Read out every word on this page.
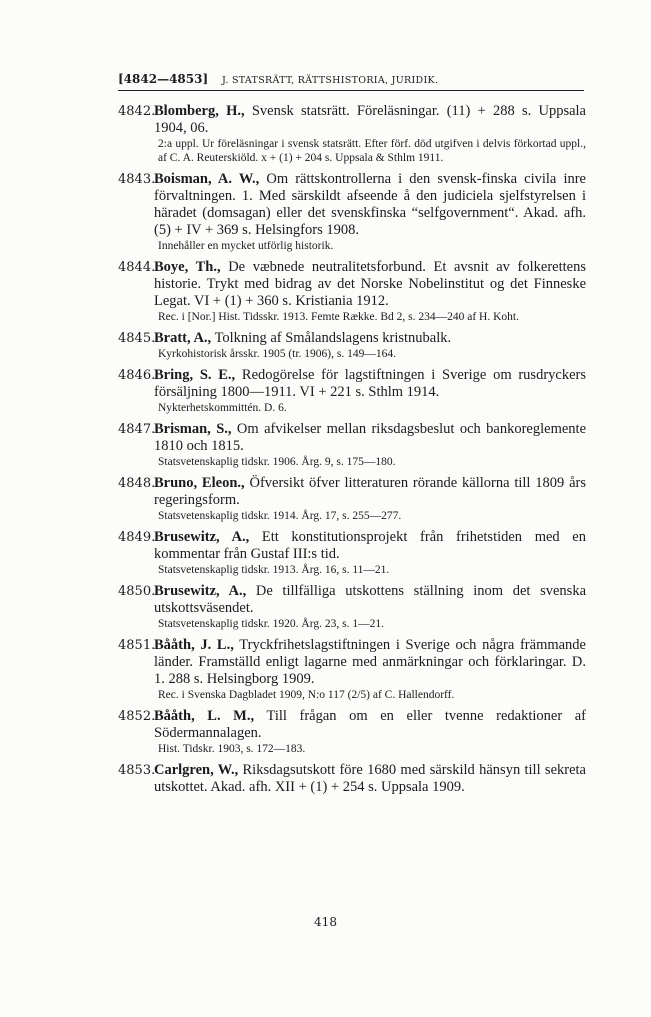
[4842—4853] J. STATSRÄTT, RÄTTSHISTORIA, JURIDIK.
4842.
Blomberg, H., Svensk statsrätt. Föreläsningar. (11) + 288 s. Uppsala 1904, 06.
2:a uppl. Ur föreläsningar i svensk statsrätt. Efter förf. död utgifven i delvis förkortad uppl., af C. A. Reuterskiöld. x + (1) + 204 s. Uppsala & Sthlm 1911.
4843.
Boisman, A. W., Om rättskontrollerna i den svensk-finska civila inre förvaltningen. 1. Med särskildt afseende å den judiciela sjelfstyrelsen i häradet (domsagan) eller det svenskfinska “selfgovernment“. Akad. afh. (5) + IV + 369 s. Helsingfors 1908.
Innehåller en mycket utförlig historik.
4844.
Boye, Th., De væbnede neutralitetsforbund. Et avsnit av folkerettens historie. Trykt med bidrag av det Norske Nobelinstitut og det Finneske Legat. VI + (1) + 360 s. Kristiania 1912.
Rec. i [Nor.] Hist. Tidsskr. 1913. Femte Række. Bd 2, s. 234—240 af H. Koht.
4845.
Bratt, A., Tolkning af Smålandslagens kristnubalk.
Kyrkohistorisk årsskr. 1905 (tr. 1906), s. 149—164.
4846.
Bring, S. E., Redogörelse för lagstiftningen i Sverige om rusdryckers försäljning 1800—1911. VI + 221 s. Sthlm 1914.
Nykterhetskommittén. D. 6.
4847.
Brisman, S., Om afvikelser mellan riksdagsbeslut och bankoreglemente 1810 och 1815.
Statsvetenskaplig tidskr. 1906. Årg. 9, s. 175—180.
4848.
Bruno, Eleon., Öfversikt öfver litteraturen rörande källorna till 1809 års regeringsform.
Statsvetenskaplig tidskr. 1914. Årg. 17, s. 255—277.
4849.
Brusewitz, A., Ett konstitutionsprojekt från frihetstiden med en kommentar från Gustaf III:s tid.
Statsvetenskaplig tidskr. 1913. Årg. 16, s. 11—21.
4850.
Brusewitz, A., De tillfälliga utskottens ställning inom det svenska utskottsväsendet.
Statsvetenskaplig tidskr. 1920. Årg. 23, s. 1—21.
4851.
Bååth, J. L., Tryckfrihetslagstiftningen i Sverige och några främmande länder. Framställd enligt lagarne med anmärkningar och förklaringar. D. 1. 288 s. Helsingborg 1909.
Rec. i Svenska Dagbladet 1909, N:o 117 (2/5) af C. Hallendorff.
4852.
Bååth, L. M., Till frågan om en eller tvenne redaktioner af Södermannalagen.
Hist. Tidskr. 1903, s. 172—183.
4853.
Carlgren, W., Riksdagsutskott före 1680 med särskild hänsyn till sekreta utskottet. Akad. afh. XII + (1) + 254 s. Uppsala 1909.
418
